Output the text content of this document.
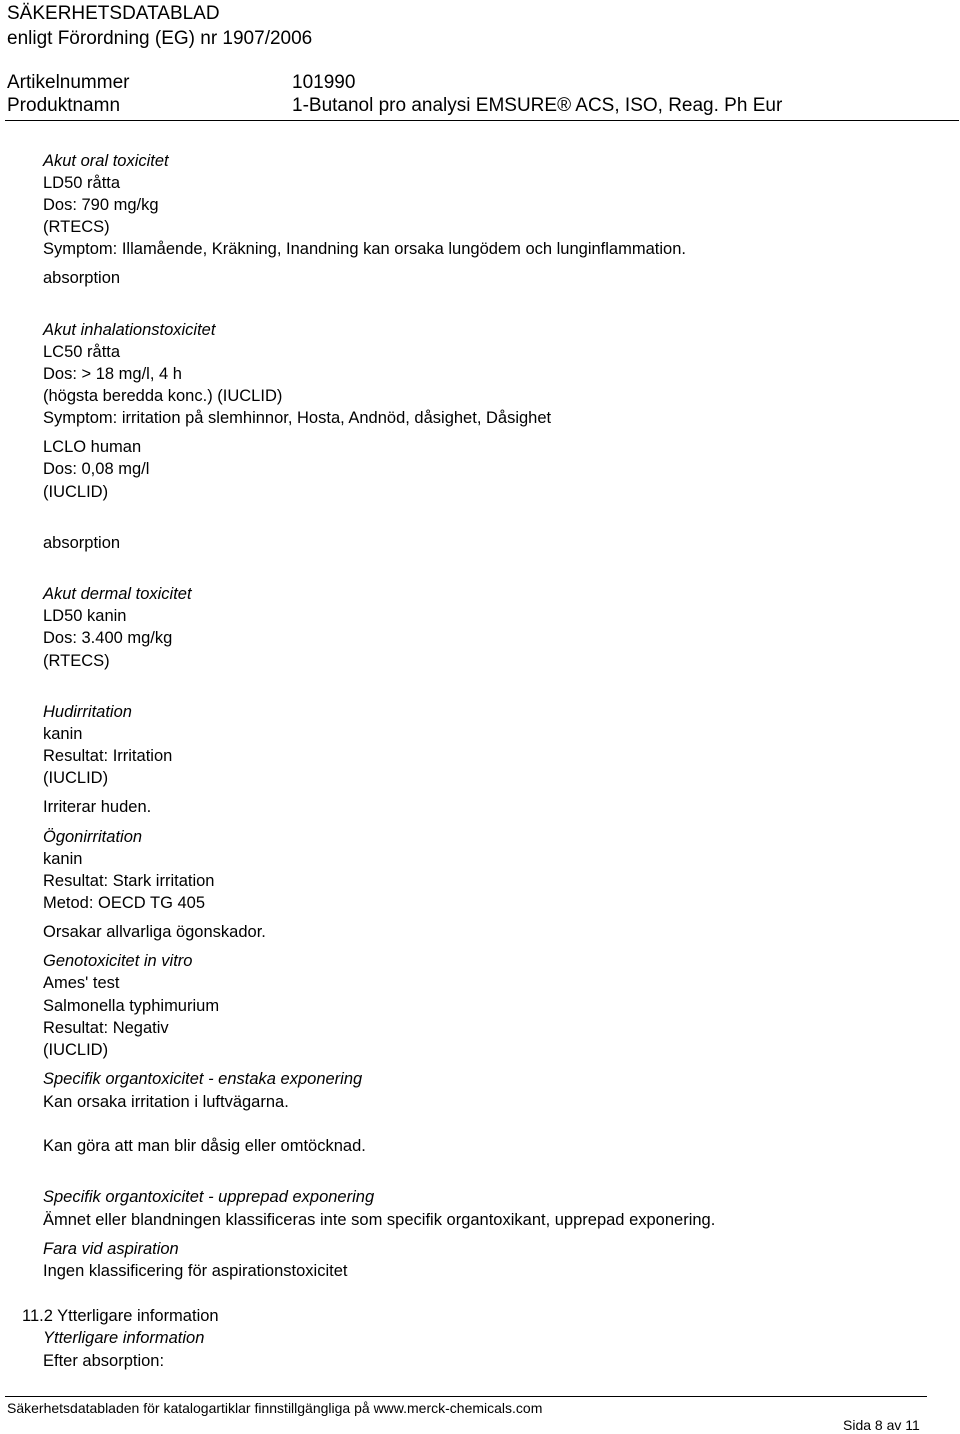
SÄKERHETSDATABLAD
enligt Förordning (EG) nr 1907/2006
Artikelnummer	101990
Produktnamn	1-Butanol pro analysi EMSURE® ACS, ISO, Reag. Ph Eur
Akut oral toxicitet
LD50 råtta
Dos: 790 mg/kg
(RTECS)
Symptom: Illamående, Kräkning, Inandning kan orsaka lungödem och lunginflammation.
absorption
Akut inhalationstoxicitet
LC50 råtta
Dos: > 18 mg/l, 4 h
(högsta beredda konc.) (IUCLID)
Symptom: irritation på slemhinnor, Hosta, Andnöd, dåsighet, Dåsighet
LCLO human
Dos: 0,08 mg/l
(IUCLID)
absorption
Akut dermal toxicitet
LD50 kanin
Dos: 3.400 mg/kg
(RTECS)
Hudirritation
kanin
Resultat: Irritation
(IUCLID)
Irriterar huden.
Ögonirritation
kanin
Resultat: Stark irritation
Metod: OECD TG 405
Orsakar allvarliga ögonskador.
Genotoxicitet in vitro
Ames' test
Salmonella typhimurium
Resultat: Negativ
(IUCLID)
Specifik organtoxicitet - enstaka exponering
Kan orsaka irritation i luftvägarna.
Kan göra att man blir dåsig eller omtöcknad.
Specifik organtoxicitet - upprepad exponering
Ämnet eller blandningen klassificeras inte som specifik organtoxikant, upprepad exponering.
Fara vid aspiration
Ingen klassificering för aspirationstoxicitet
11.2 Ytterligare information
Ytterligare information
Efter absorption:
Säkerhetsdatabladen för katalogartiklar finnstillgängliga på www.merck-chemicals.com
Sida 8 av 11
